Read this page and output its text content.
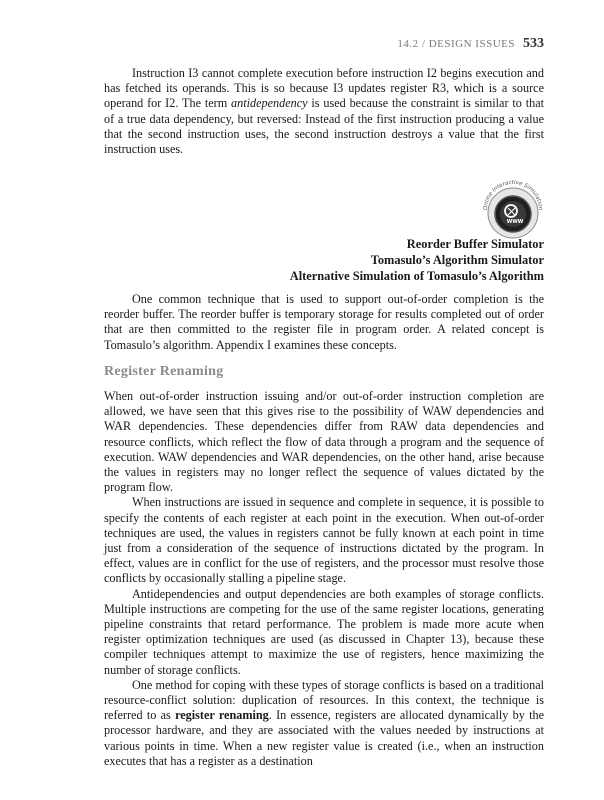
14.2 / DESIGN ISSUES 533

Instruction I3 cannot complete execution before instruction I2 begins execution and has fetched its operands. This is so because I3 updates register R3, which is a source operand for I2. The term antidependency is used because the constraint is similar to that of a true data dependency, but reversed: Instead of the first instruction producing a value that the second instruction uses, the second instruction destroys a value that the first instruction uses.

Online Interactive Simulation
WWW
Reorder Buffer Simulator
Tomasulo’s Algorithm Simulator
Alternative Simulation of Tomasulo’s Algorithm

One common technique that is used to support out-of-order completion is the reorder buffer. The reorder buffer is temporary storage for results completed out of order that are then committed to the register file in program order. A related concept is Tomasulo’s algorithm. Appendix I examines these concepts.

Register Renaming

When out-of-order instruction issuing and/or out-of-order instruction completion are allowed, we have seen that this gives rise to the possibility of WAW dependencies and WAR dependencies. These dependencies differ from RAW data dependencies and resource conflicts, which reflect the flow of data through a program and the sequence of execution. WAW dependencies and WAR dependencies, on the other hand, arise because the values in registers may no longer reflect the sequence of values dictated by the program flow.

When instructions are issued in sequence and complete in sequence, it is possible to specify the contents of each register at each point in the execution. When out-of-order techniques are used, the values in registers cannot be fully known at each point in time just from a consideration of the sequence of instructions dictated by the program. In effect, values are in conflict for the use of registers, and the processor must resolve those conflicts by occasionally stalling a pipeline stage.

Antidependencies and output dependencies are both examples of storage conflicts. Multiple instructions are competing for the use of the same register locations, generating pipeline constraints that retard performance. The problem is made more acute when register optimization techniques are used (as discussed in Chapter 13), because these compiler techniques attempt to maximize the use of registers, hence maximizing the number of storage conflicts.

One method for coping with these types of storage conflicts is based on a traditional resource-conflict solution: duplication of resources. In this context, the technique is referred to as register renaming. In essence, registers are allocated dynamically by the processor hardware, and they are associated with the values needed by instructions at various points in time. When a new register value is created (i.e., when an instruction executes that has a register as a destination
